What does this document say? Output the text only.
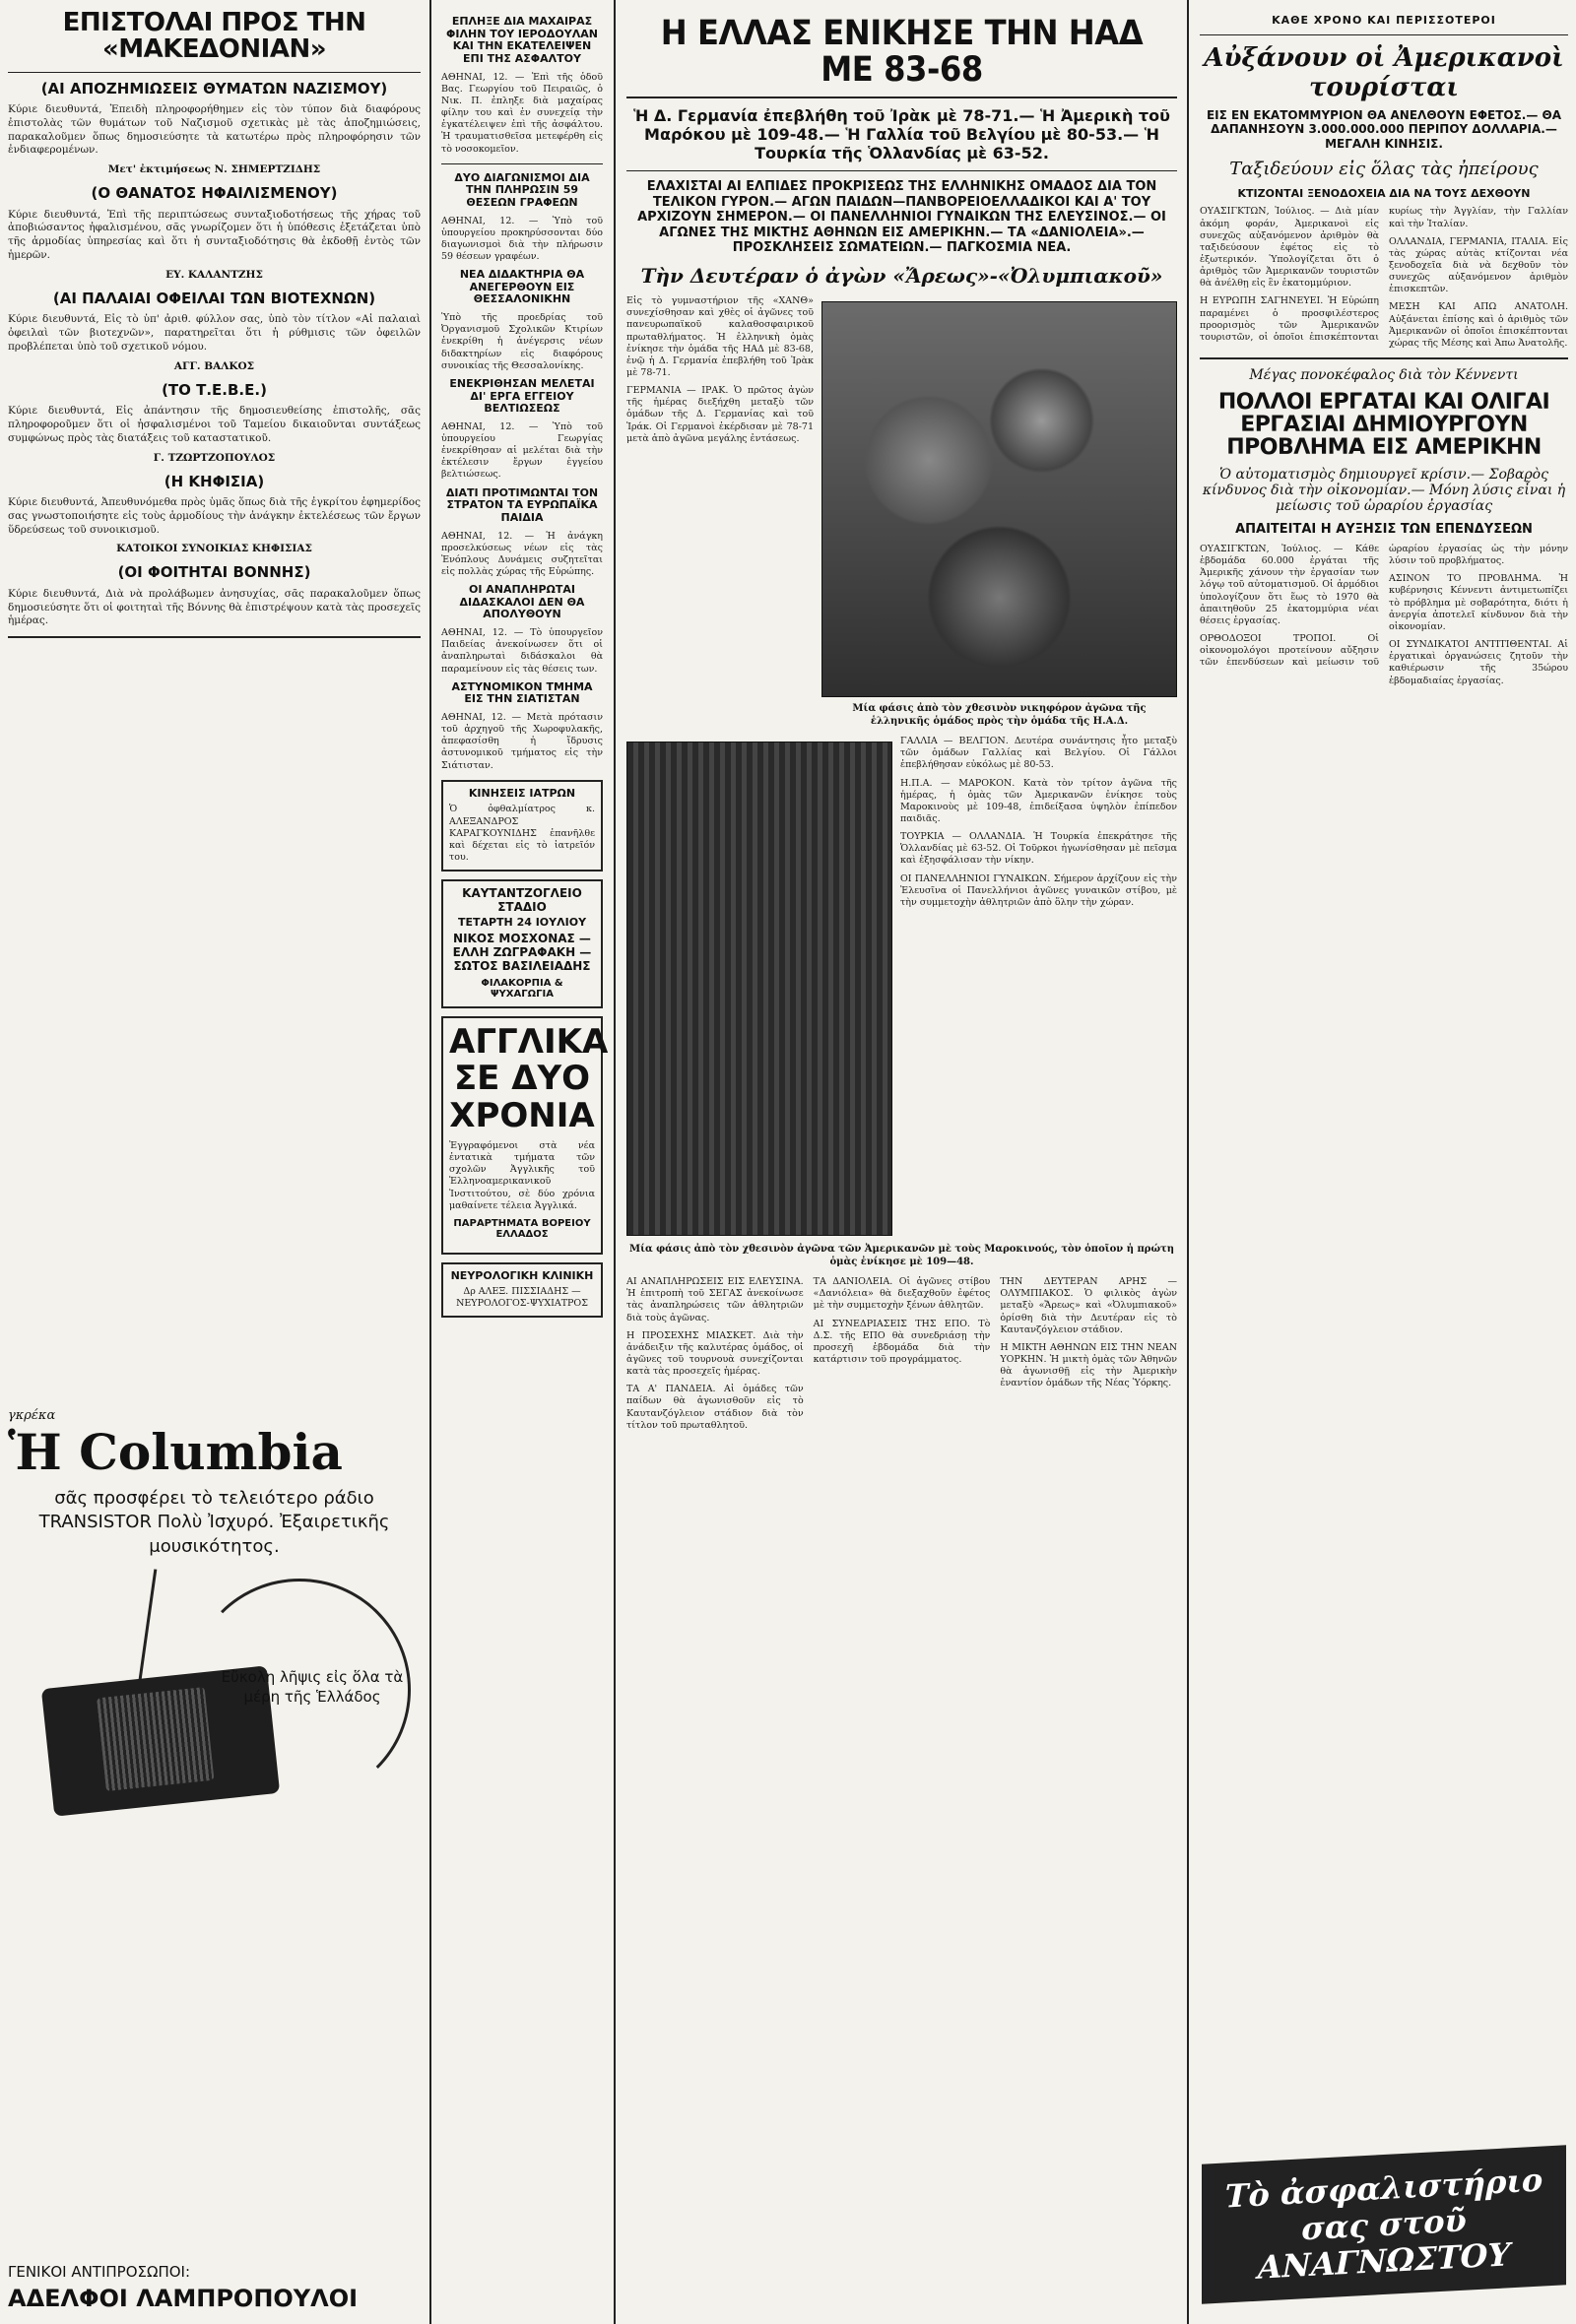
ΕΠΙΣΤΟΛΑΙ ΠΡΟΣ ΤΗΝ «ΜΑΚΕΔΟΝΙΑΝ»
(ΑΙ ΑΠΟΖΗΜΙΩΣΕΙΣ ΘΥΜΑΤΩΝ ΝΑΖΙΣΜΟΥ)

Κύριε διευθυντά, Ἐπειδὴ πληροφορήθημεν εἰς τὸν τύπον διὰ διαφόρους ἐπιστολὰς τῶν θυμάτων τοῦ Ναζισμοῦ σχετικὰς μὲ τὰς ἀποζημιώσεις, παρακαλοῦμεν ὅπως δημοσιεύσητε τὰ κατωτέρω πρὸς πληροφόρησιν τῶν ἐνδιαφερομένων.

Μετ' ἐκτιμήσεως Ν. ΣΗΜΕΡΤΖΙΔΗΣ
(Ο ΘΑΝΑΤΟΣ ΗΦΑΙΛΙΣΜΕΝΟΥ)

Κύριε διευθυντά, Ἐπὶ τῆς περιπτώσεως συνταξιοδοτήσεως τῆς χήρας τοῦ ἀποβιώσαντος ἠφαλισμένου, σᾶς γνωρίζομεν ὅτι ἡ ὑπόθεσις ἐξετάζεται ὑπὸ τῆς ἁρμοδίας ὑπηρεσίας καὶ ὅτι ἡ συνταξιοδότησις θὰ ἐκδοθῇ ἐντὸς τῶν ἡμερῶν.

ΕΥ. ΚΑΛΑΝΤΖΗΣ
(ΑΙ ΠΑΛΑΙΑΙ ΟΦΕΙΛΑΙ ΤΩΝ ΒΙΟΤΕΧΝΩΝ)

Κύριε διευθυντά, Εἰς τὸ ὑπ' ἀριθ. φύλλον σας, ὑπὸ τὸν τίτλον «Αἱ παλαιαὶ ὀφειλαὶ τῶν βιοτεχνῶν», παρατηρεῖται ὅτι ἡ ρύθμισις τῶν ὀφειλῶν προβλέπεται ὑπὸ τοῦ σχετικοῦ νόμου.

ΑΓΓ. ΒΑΛΚΟΣ
(ΤΟ Τ.Ε.Β.Ε.)

Κύριε διευθυντά, Εἰς ἀπάντησιν τῆς δημοσιευθείσης ἐπιστολῆς, σᾶς πληροφοροῦμεν ὅτι οἱ ἠσφαλισμένοι τοῦ Ταμείου δικαιοῦνται συντάξεως συμφώνως πρὸς τὰς διατάξεις τοῦ καταστατικοῦ.

Γ. ΤΖΩΡΤΖΟΠΟΥΛΟΣ
(Η ΚΗΦΙΣΙΑ)

Κύριε διευθυντά, Ἀπευθυνόμεθα πρὸς ὑμᾶς ὅπως διὰ τῆς ἐγκρίτου ἐφημερίδος σας γνωστοποιήσητε εἰς τοὺς ἁρμοδίους τὴν ἀνάγκην ἐκτελέσεως τῶν ἔργων ὕδρεύσεως τοῦ συνοικισμοῦ.

ΚΑΤΟΙΚΟΙ ΣΥΝΟΙΚΙΑΣ ΚΗΦΙΣΙΑΣ
(ΟΙ ΦΟΙΤΗΤΑΙ ΒΟΝΝΗΣ)

Κύριε διευθυντά, Διὰ νὰ προλάβωμεν ἀνησυχίας, σᾶς παρακαλοῦμεν ὅπως δημοσιεύσητε ὅτι οἱ φοιτηταὶ τῆς Βόννης θὰ ἐπιστρέψουν κατὰ τὰς προσεχεῖς ἡμέρας.

γκρέκα
Ἡ Columbia
σᾶς προσφέρει τὸ τελειότερο ράδιο TRANSISTOR Πολὺ Ἰσχυρό. Ἐξαιρετικῆς μουσικότητος.
Εὔκολη λῆψις εἰς ὅλα τὰ μέρη τῆς Ἑλλάδος
ΓΕΝΙΚΟΙ ΑΝΤΙΠΡΟΣΩΠΟΙ:
ΑΔΕΛΦΟΙ ΛΑΜΠΡΟΠΟΥΛΟΙ
ΕΠΛΗΞΕ ΔΙΑ ΜΑΧΑΙΡΑΣ ΦΙΛΗΝ ΤΟΥ ΙΕΡΟΔΟΥΛΑΝ ΚΑΙ ΤΗΝ ΕΚΑΤΕΛΕΙΨΕΝ ΕΠΙ ΤΗΣ ΑΣΦΑΛΤΟΥ

ΑΘΗΝΑΙ, 12. — Ἐπὶ τῆς ὁδοῦ Βας. Γεωργίου τοῦ Πειραιῶς, ὁ Νικ. Π. ἐπληξε διὰ μαχαίρας φίλην του καὶ ἐν συνεχείᾳ τὴν ἐγκατέλειψεν ἐπὶ τῆς ἀσφάλτου. Ἡ τραυματισθεῖσα μετεφέρθη εἰς τὸ νοσοκομεῖον.

ΔΥΟ ΔΙΑΓΩΝΙΣΜΟΙ ΔΙΑ ΤΗΝ ΠΛΗΡΩΣΙΝ 59 ΘΕΣΕΩΝ ΓΡΑΦΕΩΝ

ΑΘΗΝΑΙ, 12. — Ὑπὸ τοῦ ὑπουργείου προκηρύσσονται δύο διαγωνισμοὶ διὰ τὴν πλήρωσιν 59 θέσεων γραφέων.

ΝΕΑ ΔΙΔΑΚΤΗΡΙΑ ΘΑ ΑΝΕΓΕΡΘΟΥΝ ΕΙΣ ΘΕΣΣΑΛΟΝΙΚΗΝ

Ὑπὸ τῆς προεδρίας τοῦ Ὀργανισμοῦ Σχολικῶν Κτιρίων ἐνεκρίθη ἡ ἀνέγερσις νέων διδακτηρίων εἰς διαφόρους συνοικίας τῆς Θεσσαλονίκης.

ΕΝΕΚΡΙΘΗΣΑΝ ΜΕΛΕΤΑΙ ΔΙ' ΕΡΓΑ ΕΓΓΕΙΟΥ ΒΕΛΤΙΩΣΕΩΣ

ΑΘΗΝΑΙ, 12. — Ὑπὸ τοῦ ὑπουργείου Γεωργίας ἐνεκρίθησαν αἱ μελέται διὰ τὴν ἐκτέλεσιν ἔργων ἐγγείου βελτιώσεως.

ΔΙΑΤΙ ΠΡΟΤΙΜΩΝΤΑΙ ΤΟΝ ΣΤΡΑΤΟΝ ΤΑ ΕΥΡΩΠΑΪΚΑ ΠΑΙΔΙΑ

ΑΘΗΝΑΙ, 12. — Ἡ ἀνάγκη προσελκύσεως νέων εἰς τὰς Ἐνόπλους Δυνάμεις συζητεῖται εἰς πολλὰς χώρας τῆς Εὐρώπης.

ΟΙ ΑΝΑΠΛΗΡΩΤΑΙ ΔΙΔΑΣΚΑΛΟΙ ΔΕΝ ΘΑ ΑΠΟΛΥΘΟΥΝ

ΑΘΗΝΑΙ, 12. — Τὸ ὑπουργεῖον Παιδείας ἀνεκοίνωσεν ὅτι οἱ ἀναπληρωταὶ διδάσκαλοι θὰ παραμείνουν εἰς τὰς θέσεις των.

ΑΣΤΥΝΟΜΙΚΟΝ ΤΜΗΜΑ ΕΙΣ ΤΗΝ ΣΙΑΤΙΣΤΑΝ

ΑΘΗΝΑΙ, 12. — Μετὰ πρότασιν τοῦ ἀρχηγοῦ τῆς Χωροφυλακῆς, ἀπεφασίσθη ἡ ἵδρυσις ἀστυνομικοῦ τμήματος εἰς τὴν Σιάτισταν.

ΚΙΝΗΣΕΙΣ ΙΑΤΡΩΝ

Ὁ ὀφθαλμίατρος κ. ΑΛΕΞΑΝΔΡΟΣ ΚΑΡΑΓΚΟΥΝΙΔΗΣ ἐπανῆλθε καὶ δέχεται εἰς τὸ ἰατρεῖόν του.

ΚΑΥΤΑΝΤΖΟΓΛΕΙΟ ΣΤΑΔΙΟ
ΤΕΤΑΡΤΗ 24 ΙΟΥΛΙΟΥ
ΝΙΚΟΣ ΜΟΣΧΟΝΑΣ — ΕΛΛΗ ΖΩΓΡΑΦΑΚΗ — ΣΩΤΟΣ ΒΑΣΙΛΕΙΑΔΗΣ
ΦΙΛΑΚΟΡΠΙΑ & ΨΥΧΑΓΩΓΙΑ
ΑΓΓΛΙΚΑ ΣΕ ΔΥΟ ΧΡΟΝΙΑ

Ἐγγραφόμενοι στὰ νέα ἐντατικὰ τμήματα τῶν σχολῶν Ἀγγλικῆς τοῦ Ἑλληνοαμερικανικοῦ Ἰνστιτούτου, σὲ δύο χρόνια μαθαίνετε τέλεια Ἀγγλικά.

ΠΑΡΑΡΤΗΜΑΤΑ ΒΟΡΕΙΟΥ ΕΛΛΑΔΟΣ
ΝΕΥΡΟΛΟΓΙΚΗ ΚΛΙΝΙΚΗ

Δρ ΑΛΕΞ. ΠΙΣΣΙΑΔΗΣ — ΝΕΥΡΟΛΟΓΟΣ-ΨΥΧΙΑΤΡΟΣ

Η ΕΛΛΑΣ ΕΝΙΚΗΣΕ ΤΗΝ ΗΑΔ ΜΕ 83-68
Ἡ Δ. Γερμανία ἐπεβλήθη τοῦ Ἰρὰκ μὲ 78-71.— Ἡ Ἀμερικὴ τοῦ Μαρόκου μὲ 109-48.— Ἡ Γαλλία τοῦ Βελγίου μὲ 80-53.— Ἡ Τουρκία τῆς Ὁλλανδίας μὲ 63-52.
ΕΛΑΧΙΣΤΑΙ ΑΙ ΕΛΠΙΔΕΣ ΠΡΟΚΡΙΣΕΩΣ ΤΗΣ ΕΛΛΗΝΙΚΗΣ ΟΜΑΔΟΣ ΔΙΑ ΤΟΝ ΤΕΛΙΚΟΝ ΓΥΡΟΝ.— ΑΓΩΝ ΠΑΙΔΩΝ—ΠΑΝΒΟΡΕΙΟΕΛΛΑΔΙΚΟΙ ΚΑΙ Α' ΤΟΥ ΑΡΧΙΖΟΥΝ ΣΗΜΕΡΟΝ.— ΟΙ ΠΑΝΕΛΛΗΝΙΟΙ ΓΥΝΑΙΚΩΝ ΤΗΣ ΕΛΕΥΣΙΝΟΣ.— ΟΙ ΑΓΩΝΕΣ ΤΗΣ ΜΙΚΤΗΣ ΑΘΗΝΩΝ ΕΙΣ ΑΜΕΡΙΚΗΝ.— ΤΑ «ΔΑΝΙΟΛΕΙΑ».— ΠΡΟΣΚΛΗΣΕΙΣ ΣΩΜΑΤΕΙΩΝ.— ΠΑΓΚΟΣΜΙΑ ΝΕΑ.
Τὴν Δευτέραν ὁ ἀγὼν «Ἄρεως»-«Ὀλυμπιακοῦ»

Εἰς τὸ γυμναστήριον τῆς «ΧΑΝΘ» συνεχίσθησαν καὶ χθὲς οἱ ἀγῶνες τοῦ πανευρωπαϊκοῦ καλαθοσφαιρικοῦ πρωταθλήματος. Ἡ ἑλληνικὴ ὁμὰς ἐνίκησε τὴν ὁμάδα τῆς ΗΑΔ μὲ 83-68, ἐνῷ ἡ Δ. Γερμανία ἐπεβλήθη τοῦ Ἰρὰκ μὲ 78-71.

ΓΕΡΜΑΝΙΑ — ΙΡΑΚ. Ὁ πρῶτος ἀγὼν τῆς ἡμέρας διεξήχθη μεταξὺ τῶν ὁμάδων τῆς Δ. Γερμανίας καὶ τοῦ Ἰράκ. Οἱ Γερμανοὶ ἐκέρδισαν μὲ 78-71 μετὰ ἀπὸ ἀγῶνα μεγάλης ἐντάσεως.

Μία φάσις ἀπὸ τὸν χθεσινὸν νικηφόρον ἀγῶνα τῆς ἑλληνικῆς ὁμάδος πρὸς τὴν ὁμάδα τῆς Η.Α.Δ.

ΓΑΛΛΙΑ — ΒΕΛΓΙΟΝ. Δευτέρα συνάντησις ἦτο μεταξὺ τῶν ὁμάδων Γαλλίας καὶ Βελγίου. Οἱ Γάλλοι ἐπεβλήθησαν εὐκόλως μὲ 80-53.

Η.Π.Α. — ΜΑΡΟΚΟΝ. Κατὰ τὸν τρίτον ἀγῶνα τῆς ἡμέρας, ἡ ὁμὰς τῶν Ἀμερικανῶν ἐνίκησε τοὺς Μαροκινοὺς μὲ 109-48, ἐπιδείξασα ὑψηλὸν ἐπίπεδον παιδιᾶς.

ΤΟΥΡΚΙΑ — ΟΛΛΑΝΔΙΑ. Ἡ Τουρκία ἐπεκράτησε τῆς Ὁλλανδίας μὲ 63-52. Οἱ Τοῦρκοι ἠγωνίσθησαν μὲ πεῖσμα καὶ ἐξησφάλισαν τὴν νίκην.

ΟΙ ΠΑΝΕΛΛΗΝΙΟΙ ΓΥΝΑΙΚΩΝ. Σήμερον ἀρχίζουν εἰς τὴν Ἐλευσῖνα οἱ Πανελλήνιοι ἀγῶνες γυναικῶν στίβου, μὲ τὴν συμμετοχὴν ἀθλητριῶν ἀπὸ ὅλην τὴν χώραν.

Μία φάσις ἀπὸ τὸν χθεσινὸν ἀγῶνα τῶν Ἀμερικανῶν μὲ τοὺς Μαροκινούς, τὸν ὁποῖον ἡ πρώτη ὁμὰς ἐνίκησε μὲ 109—48.

ΑΙ ΑΝΑΠΛΗΡΩΣΕΙΣ ΕΙΣ ΕΛΕΥΣΙΝΑ. Ἡ ἐπιτροπὴ τοῦ ΣΕΓΑΣ ἀνεκοίνωσε τὰς ἀναπληρώσεις τῶν ἀθλητριῶν διὰ τοὺς ἀγῶνας.

Η ΠΡΟΣΕΧΗΣ ΜΙΑΣΚΕΤ. Διὰ τὴν ἀνάδειξιν τῆς καλυτέρας ὁμάδος, οἱ ἀγῶνες τοῦ τουρνουὰ συνεχίζονται κατὰ τὰς προσεχεῖς ἡμέρας.

ΤΑ Α' ΠΑΝΔΕΙΑ. Αἱ ὁμάδες τῶν παίδων θὰ ἀγωνισθοῦν εἰς τὸ Καυτανζόγλειον στάδιον διὰ τὸν τίτλον τοῦ πρωταθλητοῦ.

ΤΑ ΔΑΝΙΟΛΕΙΑ. Οἱ ἀγῶνες στίβου «Δανιόλεια» θὰ διεξαχθοῦν ἐφέτος μὲ τὴν συμμετοχὴν ξένων ἀθλητῶν.

ΑΙ ΣΥΝΕΔΡΙΑΣΕΙΣ ΤΗΣ ΕΠΟ. Τὸ Δ.Σ. τῆς ΕΠΟ θὰ συνεδριάσῃ τὴν προσεχῆ ἑβδομάδα διὰ τὴν κατάρτισιν τοῦ προγράμματος.

ΤΗΝ ΔΕΥΤΕΡΑΝ ΑΡΗΣ — ΟΛΥΜΠΙΑΚΟΣ. Ὁ φιλικὸς ἀγὼν μεταξὺ «Ἄρεως» καὶ «Ὀλυμπιακοῦ» ὁρίσθη διὰ τὴν Δευτέραν εἰς τὸ Καυτανζόγλειον στάδιον.

Η ΜΙΚΤΗ ΑΘΗΝΩΝ ΕΙΣ ΤΗΝ ΝΕΑΝ ΥΟΡΚΗΝ. Ἡ μικτὴ ὁμὰς τῶν Ἀθηνῶν θὰ ἀγωνισθῇ εἰς τὴν Ἀμερικὴν ἐναντίον ὁμάδων τῆς Νέας Ὑόρκης.

ΚΑΘΕ ΧΡΟΝΟ ΚΑΙ ΠΕΡΙΣΣΟΤΕΡΟΙ
Αὐξάνουν οἱ Ἀμερικανοὶ τουρίσται
ΕΙΣ ΕΝ ΕΚΑΤΟΜΜΥΡΙΟΝ ΘΑ ΑΝΕΛΘΟΥΝ ΕΦΕΤΟΣ.— ΘΑ ΔΑΠΑΝΗΣΟΥΝ 3.000.000.000 ΠΕΡΙΠΟΥ ΔΟΛΛΑΡΙΑ.— ΜΕΓΑΛΗ ΚΙΝΗΣΙΣ.
Ταξιδεύουν εἰς ὅλας τὰς ἠπείρους
ΚΤΙΖΟΝΤΑΙ ΞΕΝΟΔΟΧΕΙΑ ΔΙΑ ΝΑ ΤΟΥΣ ΔΕΧΘΟΥΝ

ΟΥΑΣΙΓΚΤΩΝ, Ἰούλιος. — Διὰ μίαν ἀκόμη φοράν, Ἀμερικανοὶ εἰς συνεχῶς αὐξανόμενον ἀριθμὸν θὰ ταξιδεύσουν ἐφέτος εἰς τὸ ἐξωτερικόν. Ὑπολογίζεται ὅτι ὁ ἀριθμὸς τῶν Ἀμερικανῶν τουριστῶν θὰ ἀνέλθῃ εἰς ἓν ἑκατομμύριον.

Η ΕΥΡΩΠΗ ΣΑΓΗΝΕΥΕΙ. Ἡ Εὐρώπη παραμένει ὁ προσφιλέστερος προορισμὸς τῶν Ἀμερικανῶν τουριστῶν, οἱ ὁποῖοι ἐπισκέπτονται κυρίως τὴν Ἀγγλίαν, τὴν Γαλλίαν καὶ τὴν Ἰταλίαν.

ΟΛΛΑΝΔΙΑ, ΓΕΡΜΑΝΙΑ, ΙΤΑΛΙΑ. Εἰς τὰς χώρας αὐτὰς κτίζονται νέα ξενοδοχεῖα διὰ νὰ δεχθοῦν τὸν συνεχῶς αὐξανόμενον ἀριθμὸν ἐπισκεπτῶν.

ΜΕΣΗ ΚΑΙ ΑΠΩ ΑΝΑΤΟΛΗ. Αὐξάνεται ἐπίσης καὶ ὁ ἀριθμὸς τῶν Ἀμερικανῶν οἱ ὁποῖοι ἐπισκέπτονται χώρας τῆς Μέσης καὶ Ἀπω Ἀνατολῆς.

Μέγας πονοκέφαλος διὰ τὸν Κέννεντι
ΠΟΛΛΟΙ ΕΡΓΑΤΑΙ ΚΑΙ ΟΛΙΓΑΙ ΕΡΓΑΣΙΑΙ ΔΗΜΙΟΥΡΓΟΥΝ ΠΡΟΒΛΗΜΑ ΕΙΣ ΑΜΕΡΙΚΗΝ
Ὁ αὐτοματισμὸς δημιουργεῖ κρίσιν.— Σοβαρὸς κίνδυνος διὰ τὴν οἰκονομίαν.— Μόνη λύσις εἶναι ἡ μείωσις τοῦ ὡραρίου ἐργασίας
ΑΠΑΙΤΕΙΤΑΙ Η ΑΥΞΗΣΙΣ ΤΩΝ ΕΠΕΝΔΥΣΕΩΝ

ΟΥΑΣΙΓΚΤΩΝ, Ἰούλιος. — Κάθε ἑβδομάδα 60.000 ἐργάται τῆς Ἀμερικῆς χάνουν τὴν ἐργασίαν των λόγῳ τοῦ αὐτοματισμοῦ. Οἱ ἁρμόδιοι ὑπολογίζουν ὅτι ἕως τὸ 1970 θὰ ἀπαιτηθοῦν 25 ἑκατομμύρια νέαι θέσεις ἐργασίας.

ΟΡΘΟΔΟΞΟΙ ΤΡΟΠΟΙ. Οἱ οἰκονομολόγοι προτείνουν αὔξησιν τῶν ἐπενδύσεων καὶ μείωσιν τοῦ ὡραρίου ἐργασίας ὡς τὴν μόνην λύσιν τοῦ προβλήματος.

ΑΣΙΝΟΝ ΤΟ ΠΡΟΒΛΗΜΑ. Ἡ κυβέρνησις Κέννεντι ἀντιμετωπίζει τὸ πρόβλημα μὲ σοβαρότητα, διότι ἡ ἀνεργία ἀποτελεῖ κίνδυνον διὰ τὴν οἰκονομίαν.

ΟΙ ΣΥΝΔΙΚΑΤΟΙ ΑΝΤΙΤΙΘΕΝΤΑΙ. Αἱ ἐργατικαὶ ὀργανώσεις ζητοῦν τὴν καθιέρωσιν τῆς 35ώρου ἑβδομαδιαίας ἐργασίας.

Τὸ ἀσφαλιστήριο σας στοῦ ΑΝΑΓΝΩΣΤΟΥ
